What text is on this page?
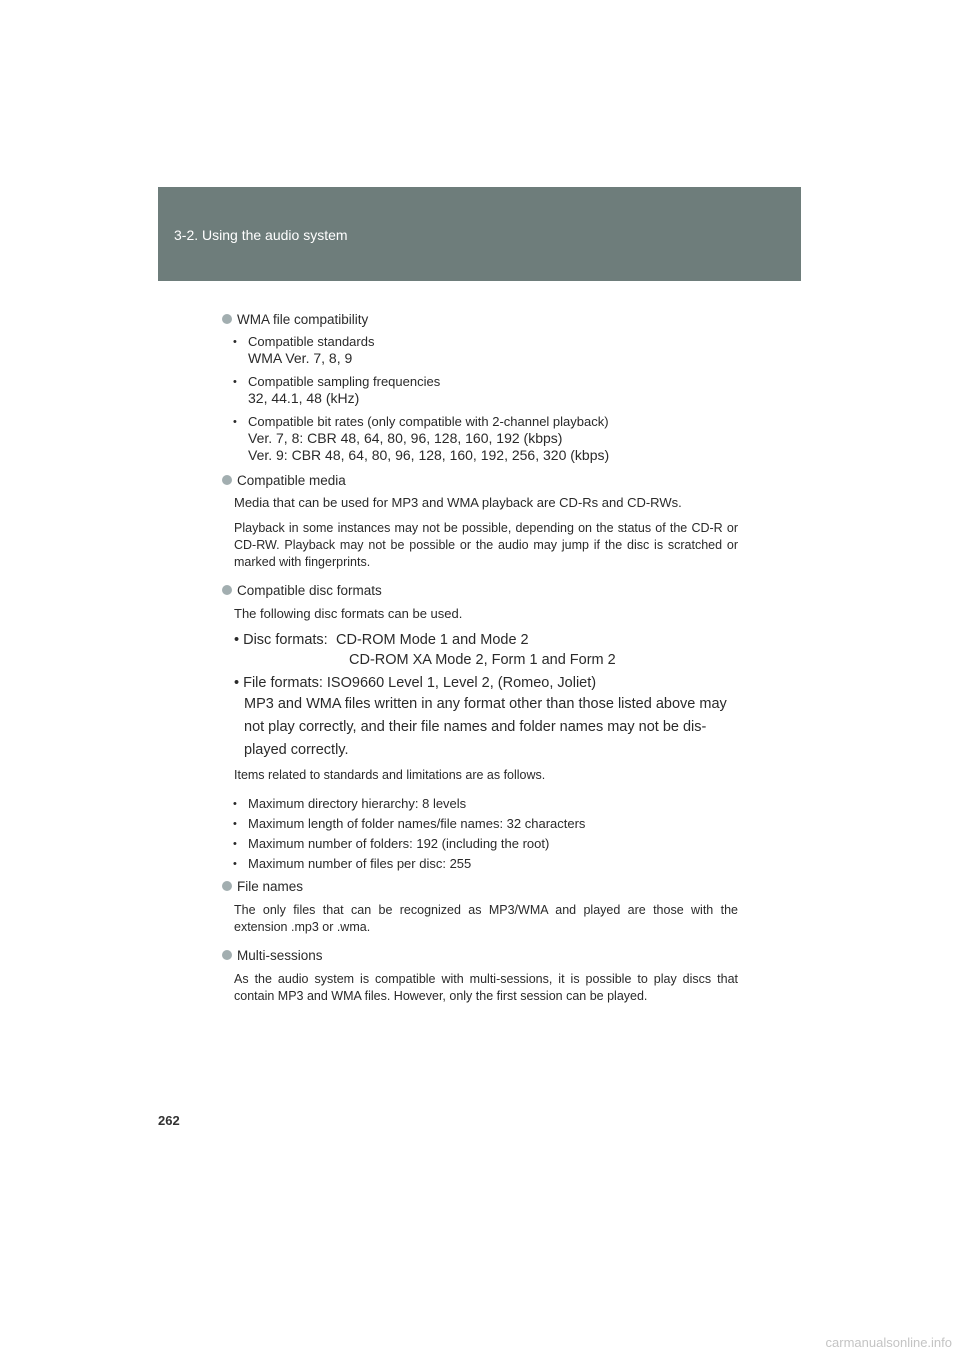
3-2. Using the audio system
WMA file compatibility
• Compatible standards
WMA Ver. 7, 8, 9
• Compatible sampling frequencies
32, 44.1, 48 (kHz)
• Compatible bit rates (only compatible with 2-channel playback)
Ver. 7, 8: CBR 48, 64, 80, 96, 128, 160, 192 (kbps)
Ver. 9: CBR 48, 64, 80, 96, 128, 160, 192, 256, 320 (kbps)
Compatible media
Media that can be used for MP3 and WMA playback are CD-Rs and CD-RWs.
Playback in some instances may not be possible, depending on the status of the CD-R or CD-RW. Playback may not be possible or the audio may jump if the disc is scratched or marked with fingerprints.
Compatible disc formats
The following disc formats can be used.
• Disc formats: CD-ROM Mode 1 and Mode 2
CD-ROM XA Mode 2, Form 1 and Form 2
• File formats: ISO9660 Level 1, Level 2, (Romeo, Joliet)
MP3 and WMA files written in any format other than those listed above may not play correctly, and their file names and folder names may not be dis-played correctly.
Items related to standards and limitations are as follows.
• Maximum directory hierarchy: 8 levels
• Maximum length of folder names/file names: 32 characters
• Maximum number of folders: 192 (including the root)
• Maximum number of files per disc: 255
File names
The only files that can be recognized as MP3/WMA and played are those with the extension .mp3 or .wma.
Multi-sessions
As the audio system is compatible with multi-sessions, it is possible to play discs that contain MP3 and WMA files. However, only the first session can be played.
262
carmanualsonline.info
